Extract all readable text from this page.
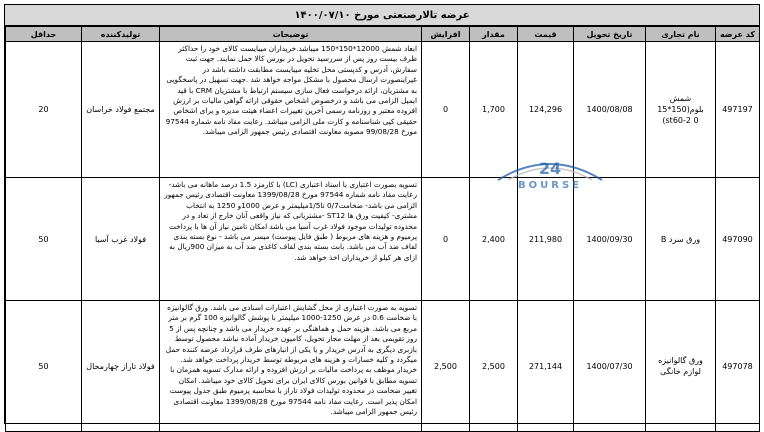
عرضه تالارصنعتی مورخ ۱۴۰۰/۰۷/۱۰
کد عرضه	نام تجاری	تاریخ تحویل	قیمت	مقدار	افزایش	توضیحات	تولیدکننده	حداقل
497197	شمش بلوم(150*15 st60-2 0)	1400/08/08	124,296	1,700	0	ابعاد شمش 12000*150*150 میباشد.خریداران میبایست کالای خود را حداکثر ظرف بیست روز پس از سررسید تحویل در بورس کالا حمل نمایند. جهت ثبت سفارش، آدرس و کدپستی محل تخلیه میبایست مطابقت داشته باشد در غیراینصورت ارسال محصول با مشکل مواجه خواهد شد .جهت تسهیل در پاسخگویی به مشتریان، ارائه درخواست فعال سازی سیستم ارتباط با مشتریان CRM با قید ایمیل الزامی می باشد و درخصوص اشخاص حقوقی ارائه گواهی مالیات بر ارزش افزوده معتبر و روزنامه رسمی آخرین تغییرات اعضاء هیئت مدیره و برای اشخاص حقیقی کپی شناسنامه و کارت ملی الزامی میباشد. رعایت مفاد نامه شماره 97544 مورخ 99/08/28 مصوبه معاونت اقتصادی رئیس جمهور الزامی میباشد.	مجتمع فولاد خراسان	20
497090	ورق سرد B	1400/09/30	211,980	2,400	0	تسویه بصورت اعتباری با اسناد اعتباری (LC) با کارمزد 1.5 درصد ماهانه می باشد- رعایت مفاد نامه شماره 97544 مورخ 1399/08/28 معاونت اقتصادی رئیس جمهور الزامی می باشد- ضخامت0/7 تا1/5میلیمتر و عرض 1000و 1250 به انتخاب مشتری- کیفیت ورق ها ST12 -مشتریانی که نیاز واقعی آنان خارج از تعاد و در محدوده تولیدات موجود فولاد غرب آسیا می باشد امکان تامین نیاز آن ها با پرداخت پرمیوم و هزینه های مربوط ( طبق فایل پیوست) میسر می باشد - نوع بسته بندی لفاف ضد آب می باشد. بابت بسته بندی لفاف کاغذی ضد آب به میزان 900ریال به ازای هر کیلو از خریداران اخذ خواهد شد.	فولاد غرب آسیا	50
497078	ورق گالوانیزه لوازم خانگی	1400/07/30	271,144	2,500	2,500	تسویه به صورت اعتباری از محل گشایش اعتبارات اسنادی می باشد. ورق گالوانیزه با ضخامت 0.6 در عرض 1250-1000 میلیمتر با پوشش گالوانیزه 100 گرم بر متر مربع می باشد. هزینه حمل و هماهنگی بر عهده خریدار می باشد و چنانچه پس از 5 روز تقویمی بعد از مهلت مجاز تحویل، کامیون خریدار آماده نباشد محصول توسط بازبری دیگری به آدرس خریدار و یا یکی از انبارهای طرف قرارداد عرضه کننده حمل میگردد و کلیه خسارات و هزینه های مربوطه توسط خریدار پرداخت خواهد شد. خریدار موظف به پرداخت مالیات بر ارزش افزوده و ارائه مدارک تسویه همزمان با تسویه مطابق با قوانین بورس کالای ایران برای تحویل کالای خود میباشد. امکان تغییر ضخامت در محدوده تولیدات فولاد تاراز با محاسبه پرمیوم طبق جدول پیوست امکان پذیر است. رعایت مفاد نامه 97544 مورخ 1399/08/28 معاونت اقتصادی رئیس جمهور الزامی میباشد.	فولاد تاراز چهارمحال	50
24
BOURSE
